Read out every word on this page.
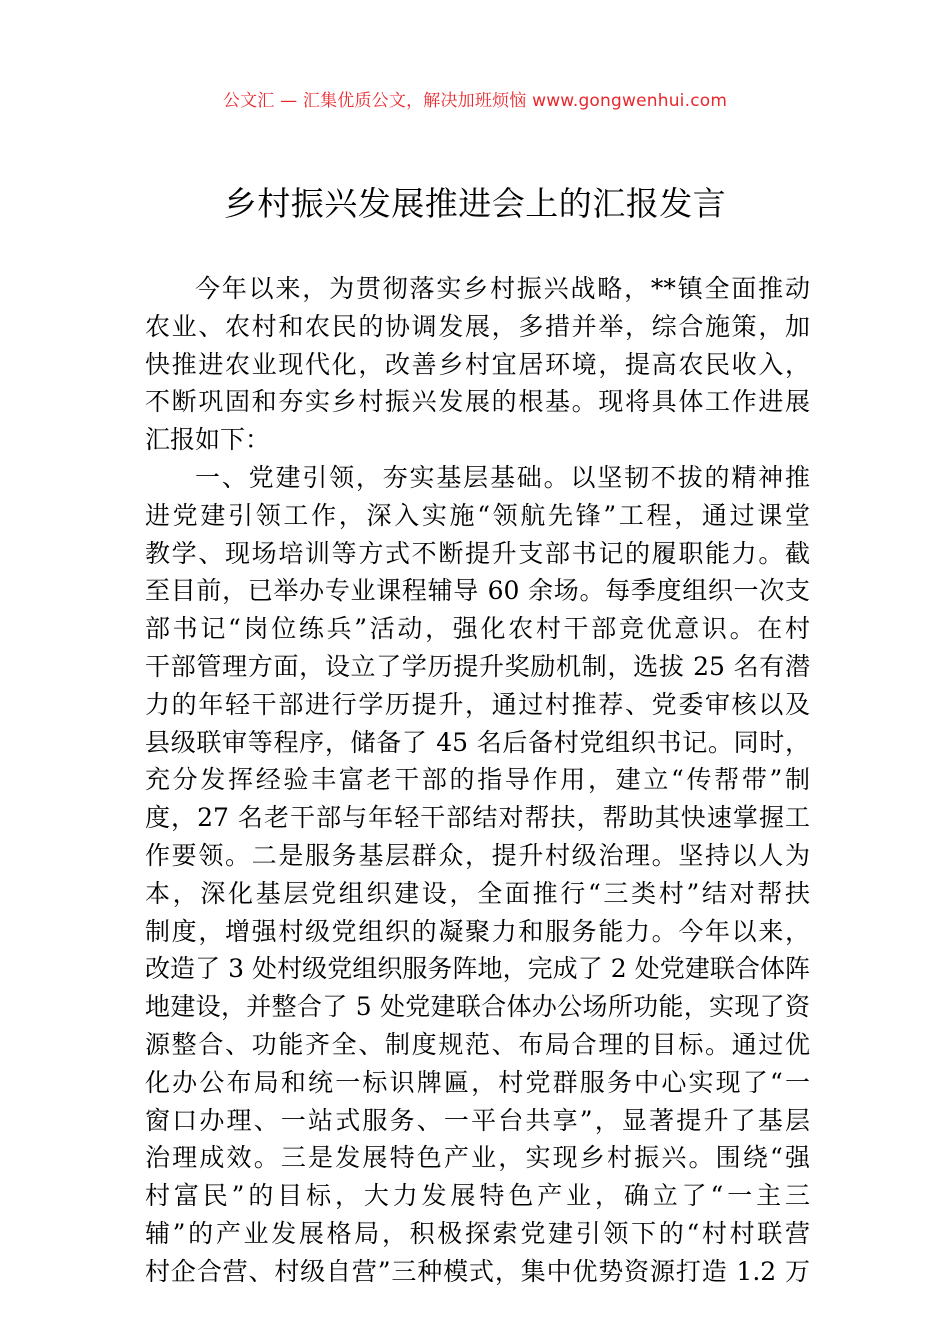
公文汇 — 汇集优质公文，解决加班烦恼 www.gongwenhui.com
乡村振兴发展推进会上的汇报发言
今年以来，为贯彻落实乡村振兴战略，**镇全面推动
农业、农村和农民的协调发展，多措并举，综合施策，加
快推进农业现代化，改善乡村宜居环境，提高农民收入，
不断巩固和夯实乡村振兴发展的根基。现将具体工作进展
汇报如下：
一、党建引领，夯实基层基础。以坚韧不拔的精神推
进党建引领工作，深入实施“领航先锋”工程，通过课堂
教学、现场培训等方式不断提升支部书记的履职能力。截
至目前，已举办专业课程辅导 60 余场。每季度组织一次支
部书记“岗位练兵”活动，强化农村干部竞优意识。在村
干部管理方面，设立了学历提升奖励机制，选拔 25 名有潜
力的年轻干部进行学历提升，通过村推荐、党委审核以及
县级联审等程序，储备了 45 名后备村党组织书记。同时，
充分发挥经验丰富老干部的指导作用，建立“传帮带”制
度，27 名老干部与年轻干部结对帮扶，帮助其快速掌握工
作要领。二是服务基层群众，提升村级治理。坚持以人为
本，深化基层党组织建设，全面推行“三类村”结对帮扶
制度，增强村级党组织的凝聚力和服务能力。今年以来，
改造了 3 处村级党组织服务阵地，完成了 2 处党建联合体阵
地建设，并整合了 5 处党建联合体办公场所功能，实现了资
源整合、功能齐全、制度规范、布局合理的目标。通过优
化办公布局和统一标识牌匾，村党群服务中心实现了“一
窗口办理、一站式服务、一平台共享”，显著提升了基层
治理成效。三是发展特色产业，实现乡村振兴。围绕“强
村富民”的目标，大力发展特色产业，确立了“一主三
辅”的产业发展格局，积极探索党建引领下的“村村联营
村企合营、村级自营”三种模式，集中优势资源打造 1.2 万
